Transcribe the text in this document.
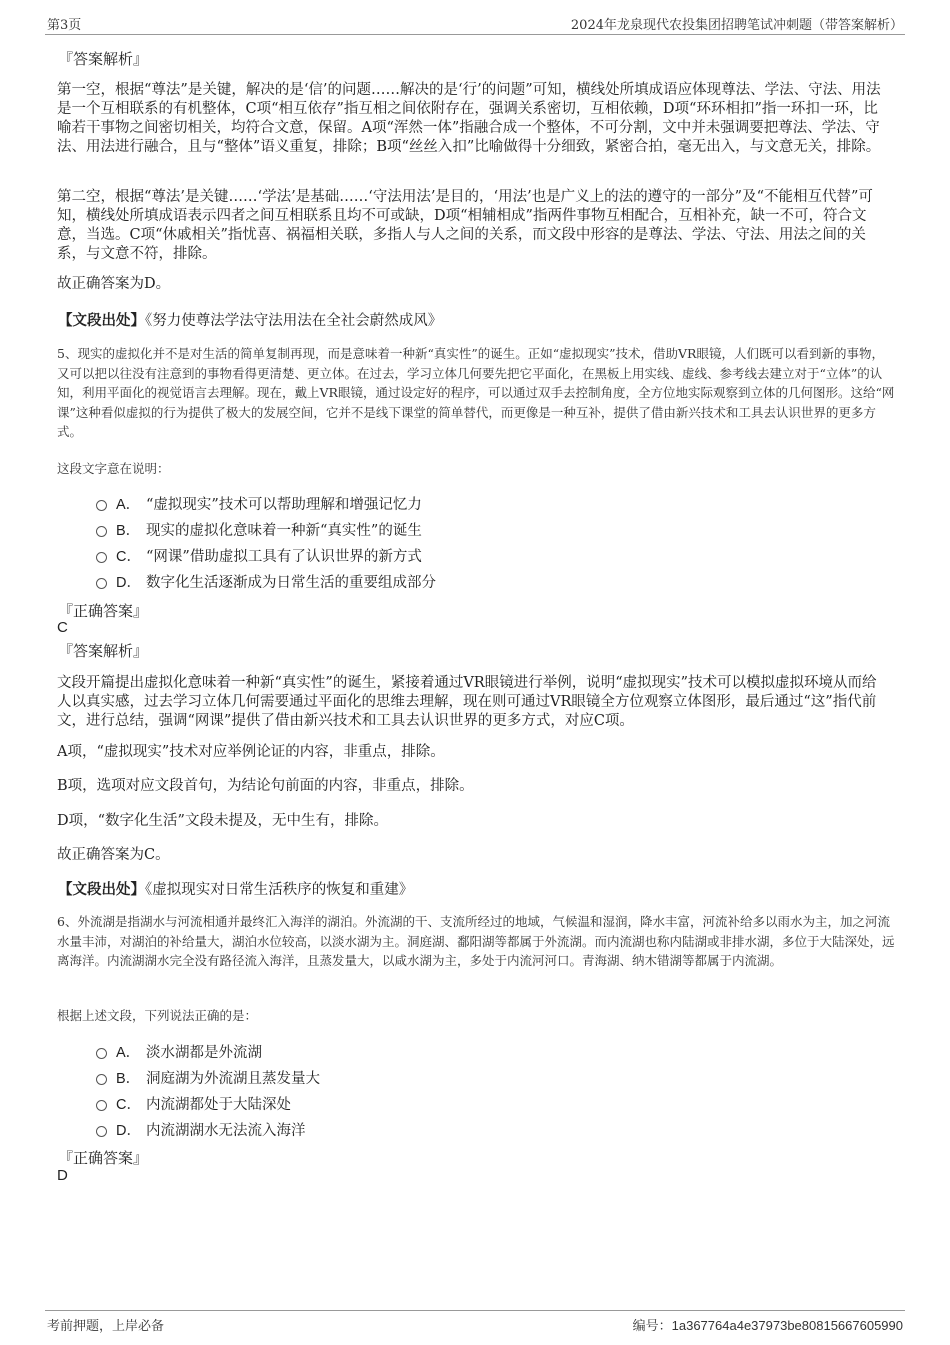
第3页	2024年龙泉现代农投集团招聘笔试冲刺题（带答案解析）

『答案解析』

第一空，根据“尊法”是关键，解决的是‘信’的问题……解决的是‘行’的问题”可知，横线处所填成语应体现尊法、学法、守法、用法是一个互相联系的有机整体，C项“相互依存”指互相之间依附存在，强调关系密切，互相依赖，D项“环环相扣”指一环扣一环，比喻若干事物之间密切相关，均符合文意，保留。A项“浑然一体”指融合成一个整体，不可分割，文中并未强调要把尊法、学法、守法、用法进行融合，且与“整体”语义重复，排除；B项“丝丝入扣”比喻做得十分细致，紧密合拍，毫无出入，与文意无关，排除。

第二空，根据“尊法’是关键……‘学法’是基础……‘守法用法’是目的，‘用法’也是广义上的法的遵守的一部分”及“不能相互代替”可知，横线处所填成语表示四者之间互相联系且均不可或缺，D项“相辅相成”指两件事物互相配合，互相补充，缺一不可，符合文意，当选。C项“休戚相关”指忧喜、祸福相关联，多指人与人之间的关系，而文段中形容的是尊法、学法、守法、用法之间的关系，与文意不符，排除。

故正确答案为D。

【文段出处】《努力使尊法学法守法用法在全社会蔚然成风》

5、现实的虚拟化并不是对生活的简单复制再现，而是意味着一种新“真实性”的诞生。正如“虚拟现实”技术，借助VR眼镜，人们既可以看到新的事物，又可以把以往没有注意到的事物看得更清楚、更立体。在过去，学习立体几何要先把它平面化，在黑板上用实线、虚线、参考线去建立对于“立体”的认知，利用平面化的视觉语言去理解。现在，戴上VR眼镜，通过设定好的程序，可以通过双手去控制角度，全方位地实际观察到立体的几何图形。这给“网课”这种看似虚拟的行为提供了极大的发展空间，它并不是线下课堂的简单替代，而更像是一种互补，提供了借由新兴技术和工具去认识世界的更多方式。

这段文字意在说明：

A． “虚拟现实”技术可以帮助理解和增强记忆力
B． 现实的虚拟化意味着一种新“真实性”的诞生
C． “网课”借助虚拟工具有了认识世界的新方式
D． 数字化生活逐渐成为日常生活的重要组成部分

『正确答案』

C

『答案解析』

文段开篇提出虚拟化意味着一种新“真实性”的诞生，紧接着通过VR眼镜进行举例，说明“虚拟现实”技术可以模拟虚拟环境从而给人以真实感，过去学习立体几何需要通过平面化的思维去理解，现在则可通过VR眼镜全方位观察立体图形，最后通过“这”指代前文，进行总结，强调“网课”提供了借由新兴技术和工具去认识世界的更多方式，对应C项。

A项，“虚拟现实”技术对应举例论证的内容，非重点，排除。

B项，选项对应文段首句，为结论句前面的内容，非重点，排除。

D项，“数字化生活”文段未提及，无中生有，排除。

故正确答案为C。

【文段出处】《虚拟现实对日常生活秩序的恢复和重建》

6、外流湖是指湖水与河流相通并最终汇入海洋的湖泊。外流湖的干、支流所经过的地域，气候温和湿润，降水丰富，河流补给多以雨水为主，加之河流水量丰沛，对湖泊的补给量大，湖泊水位较高，以淡水湖为主。洞庭湖、鄱阳湖等都属于外流湖。而内流湖也称内陆湖或非排水湖，多位于大陆深处，远离海洋。内流湖湖水完全没有路径流入海洋，且蒸发量大，以咸水湖为主，多处于内流河河口。青海湖、纳木错湖等都属于内流湖。

根据上述文段，下列说法正确的是：

A． 淡水湖都是外流湖
B． 洞庭湖为外流湖且蒸发量大
C． 内流湖都处于大陆深处
D． 内流湖湖水无法流入海洋

『正确答案』

D

考前押题，上岸必备	编号：1a367764a4e37973be80815667605990
